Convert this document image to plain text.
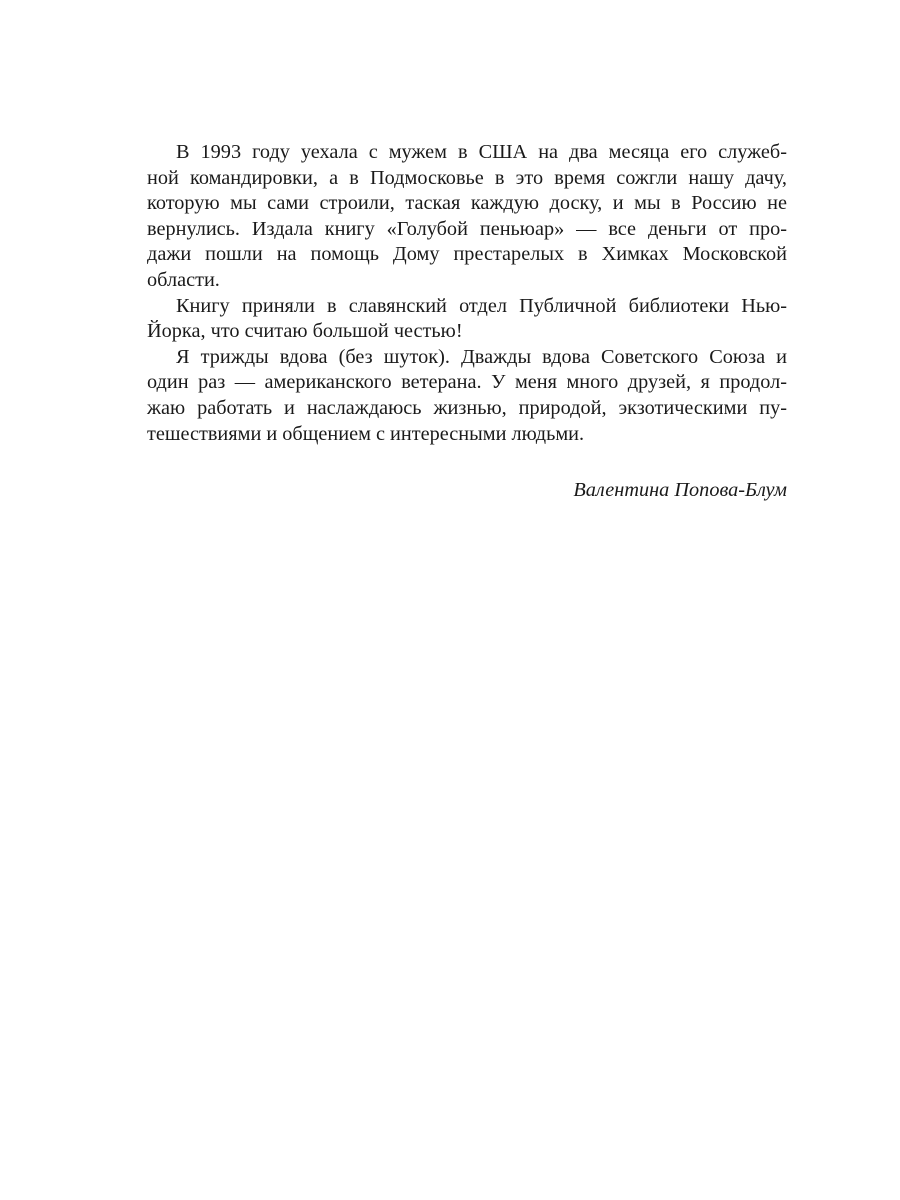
В 1993 году уехала с мужем в США на два месяца его служеб-
ной командировки, а в Подмосковье в это время сожгли нашу дачу,
которую мы сами строили, таская каждую доску, и мы в Россию не
вернулись. Издала книгу «Голубой пеньюар» — все деньги от про-
дажи пошли на помощь Дому престарелых в Химках Московской
области.
Книгу приняли в славянский отдел Публичной библиотеки Нью-
Йорка, что считаю большой честью!
Я трижды вдова (без шуток). Дважды вдова Советского Союза и
один раз — американского ветерана. У меня много друзей, я продол-
жаю работать и наслаждаюсь жизнью, природой, экзотическими пу-
тешествиями и общением с интересными людьми.
Валентина Попова-Блум
